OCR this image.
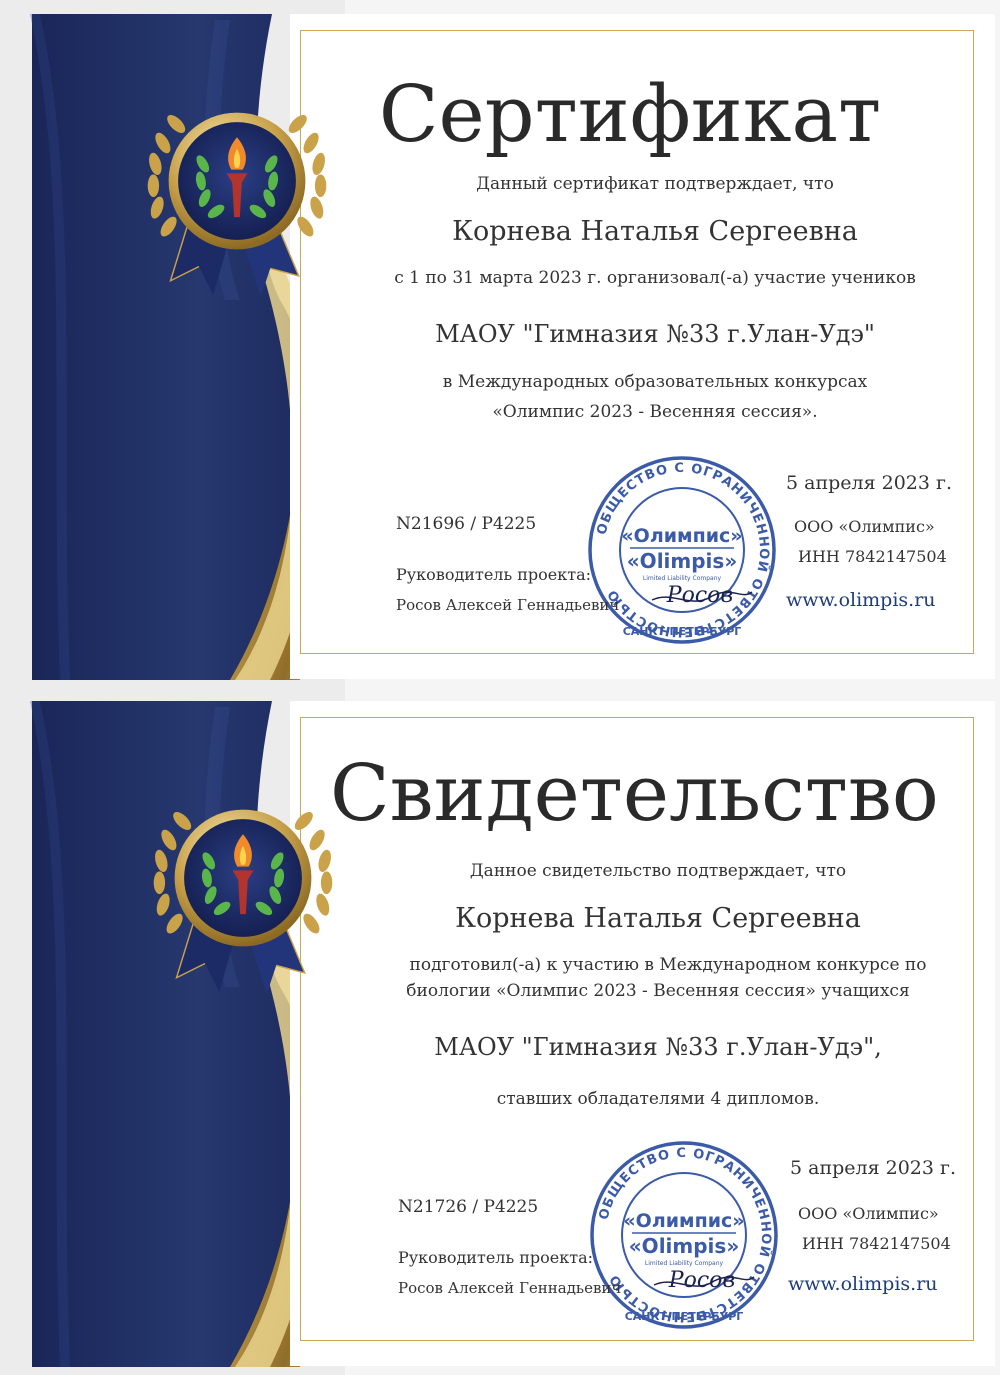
Сертификат
Данный сертификат подтверждает, что
Корнева Наталья Сергеевна
с 1 по 31 марта 2023 г. организовал(-а) участие учеников
МАОУ "Гимназия №33 г.Улан-Удэ"
в Международных образовательных конкурсах
«Олимпис 2023 - Весенняя сессия».
5 апреля 2023 г.
N21696 / P4225	ООО «Олимпис»
ИНН 7842147504
Руководитель проекта:
Росов Алексей Геннадьевич	www.olimpis.ru
Свидетельство
Данное свидетельство подтверждает, что
Корнева Наталья Сергеевна
подготовил(-а) к участию в Международном конкурсе по
биологии «Олимпис 2023 - Весенняя сессия» учащихся
МАОУ "Гимназия №33 г.Улан-Удэ",
ставших обладателями 4 дипломов.
5 апреля 2023 г.
N21726 / P4225	ООО «Олимпис»
ИНН 7842147504
Руководитель проекта:
Росов Алексей Геннадьевич	www.olimpis.ru
